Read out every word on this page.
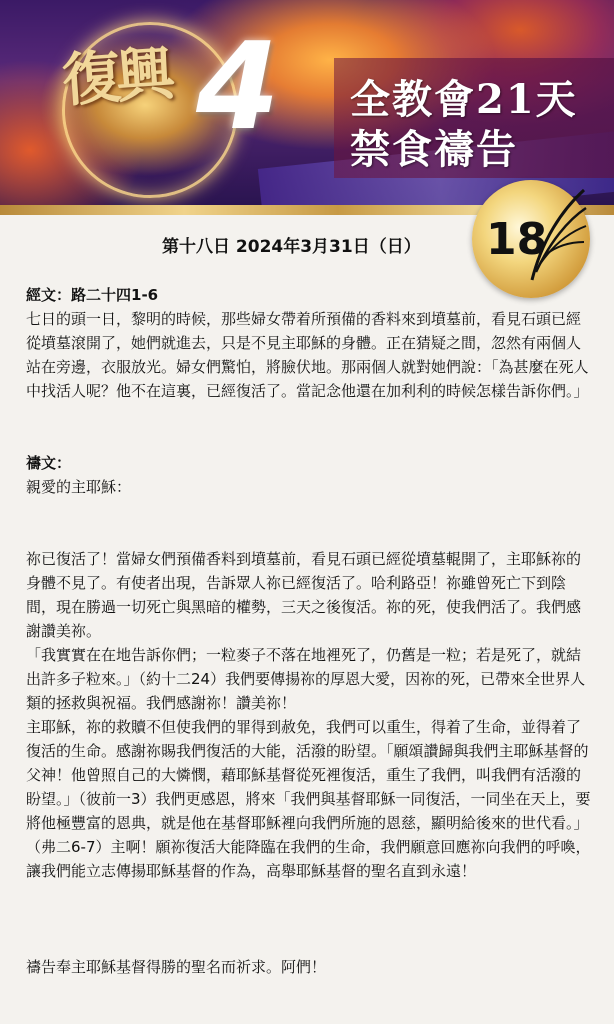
復興 4 全教會21天
禁食禱告
18
第十八日 2024年3月31日（日）

經文：路二十四1-6

七日的頭一日，黎明的時候，那些婦女帶着所預備的香料來到墳墓前，看見石頭已經從墳墓滾開了，她們就進去，只是不見主耶穌的身體。正在猜疑之間，忽然有兩個人站在旁邊，衣服放光。婦女們驚怕，將臉伏地。那兩個人就對她們說：「為甚麼在死人中找活人呢？他不在這裏，已經復活了。當記念他還在加利利的時候怎樣告訴你們。」

禱文：

親愛的主耶穌：

祢已復活了！當婦女們預備香料到墳墓前，看見石頭已經從墳墓輥開了，主耶穌祢的身體不見了。有使者出現，告訴眾人祢已經復活了。哈利路亞！祢雖曾死亡下到陰間，現在勝過一切死亡與黑暗的權勢，三天之後復活。祢的死，使我們活了。我們感謝讚美祢。

「我實實在在地告訴你們；一粒麥子不落在地裡死了，仍舊是一粒；若是死了，就結出許多子粒來。」（約十二24）我們要傳揚祢的厚恩大愛，因祢的死，已帶來全世界人類的拯救與祝福。我們感謝祢！讚美祢！

主耶穌，祢的救贖不但使我們的罪得到赦免，我們可以重生，得着了生命，並得着了復活的生命。感謝祢賜我們復活的大能，活潑的盼望。「願頌讚歸與我們主耶穌基督的父神！他曾照自己的大憐憫，藉耶穌基督從死裡復活，重生了我們，叫我們有活潑的盼望。」（彼前一3）我們更感恩，將來「我們與基督耶穌一同復活，一同坐在天上，要將他極豐富的恩典，就是他在基督耶穌裡向我們所施的恩慈，顯明給後來的世代看。」（弗二6-7）主啊！願祢復活大能降臨在我們的生命，我們願意回應祢向我們的呼喚，讓我們能立志傳揚耶穌基督的作為，高舉耶穌基督的聖名直到永遠！

禱告奉主耶穌基督得勝的聖名而祈求。阿們！
